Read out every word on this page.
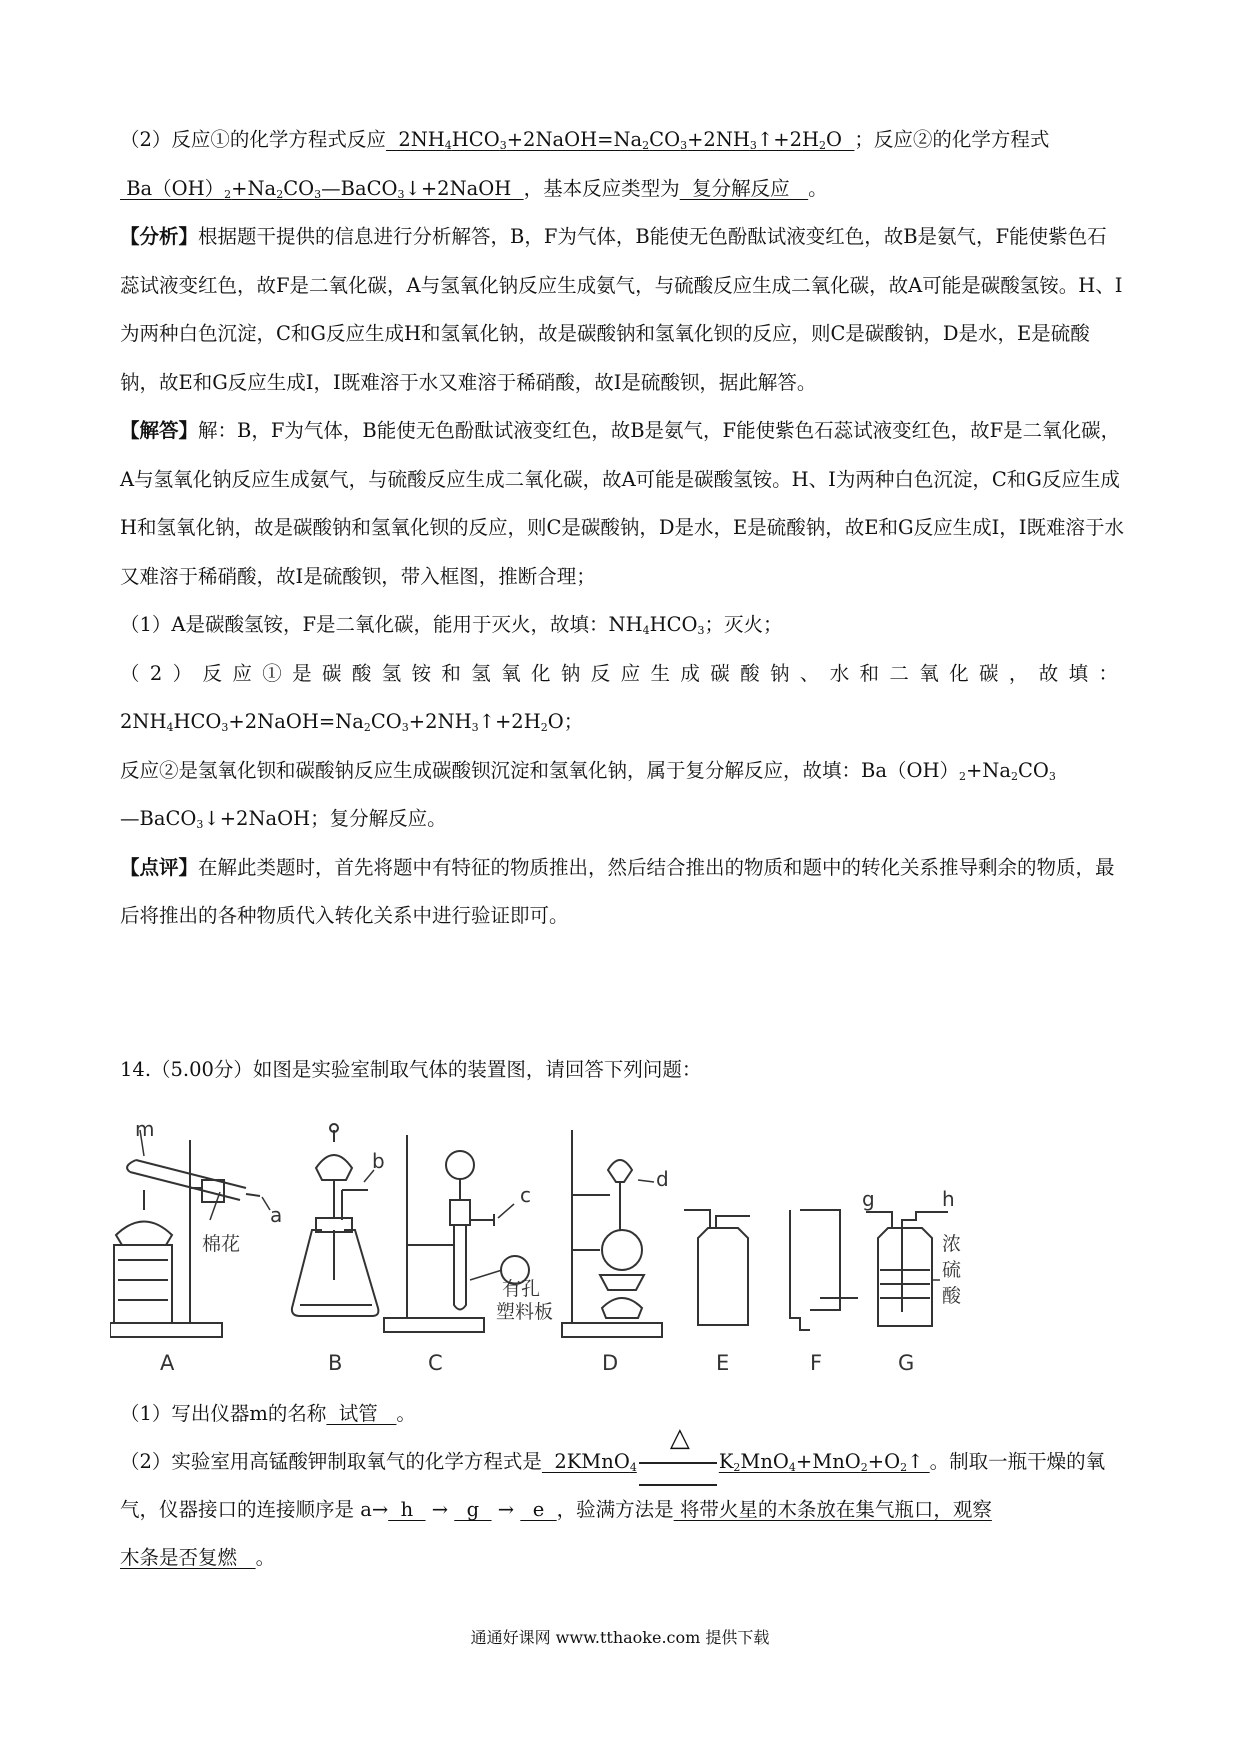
（2）反应①的化学方程式反应  $2NH_4HCO_3+2NaOH=Na_2CO_3+2NH_3↑+2H_2O$  ；反应②的化学方程式 $Ba(OH)_2+Na_2CO_3—BaCO_3↓+2NaOH$  ，基本反应类型为  复分解反应   。

【分析】根据题干提供的信息进行分析解答，B，F为气体，B能使无色酚酞试液变红色，故B是氨气，F能使紫色石蕊试液变红色，故F是二氧化碳，A与氢氧化钠反应生成氨气，与硫酸反应生成二氧化碳，故A可能是碳酸氢铵。H、I为两种白色沉淀，C和G反应生成H和氢氧化钠，故是碳酸钠和氢氧化钡的反应，则C是碳酸钠，D是水，E是硫酸钠，故E和G反应生成I，I既难溶于水又难溶于稀硝酸，故I是硫酸钡，据此解答。

【解答】解：B，F为气体，B能使无色酚酞试液变红色，故B是氨气，F能使紫色石蕊试液变红色，故F是二氧化碳，A与氢氧化钠反应生成氨气，与硫酸反应生成二氧化碳，故A可能是碳酸氢铵。H、I为两种白色沉淀，C和G反应生成H和氢氧化钠，故是碳酸钠和氢氧化钡的反应，则C是碳酸钠，D是水，E是硫酸钠，故E和G反应生成I，I既难溶于水又难溶于稀硝酸，故I是硫酸钡，带入框图，推断合理；

（1）A是碳酸氢铵，F是二氧化碳，能用于灭火，故填：$NH_4HCO_3$；灭火；

（2）反应①是碳酸氢铵和氢氧化钠反应生成碳酸钠、水和二氧化碳，故填：

$2NH_4HCO_3+2NaOH=Na_2CO_3+2NH_3↑+2H_2O$；

反应②是氢氧化钡和碳酸钠反应生成碳酸钡沉淀和氢氧化钠，属于复分解反应，故填：$Ba(OH)_2+Na_2CO_3$
—BaCO$_3$↓+2NaOH；复分解反应。

【点评】在解此类题时，首先将题中有特征的物质推出，然后结合推出的物质和题中的转化关系推导剩余的物质，最后将推出的各种物质代入转化关系中进行验证即可。

14.（5.00分）如图是实验室制取气体的装置图，请回答下列问题：

m
a
b
c
d
g	h
棉花
有孔
塑料板
浓
硫
酸
A	B	C	D	E	F	G

（1）写出仪器m的名称  试管   。

（2）实验室用高锰酸钾制取氧气的化学方程式是  2KMnO$_4$
△
$K_2MnO_4+MnO_2+O_2↑$ 。制取一瓶干燥的氧

气，仪器接口的连接顺序是 a→  h   →   g   →   e  ，验满方法是 将带火星的木条放在集气瓶口，观察
木条是否复燃   。

通通好课网 www.tthaoke.com 提供下载
